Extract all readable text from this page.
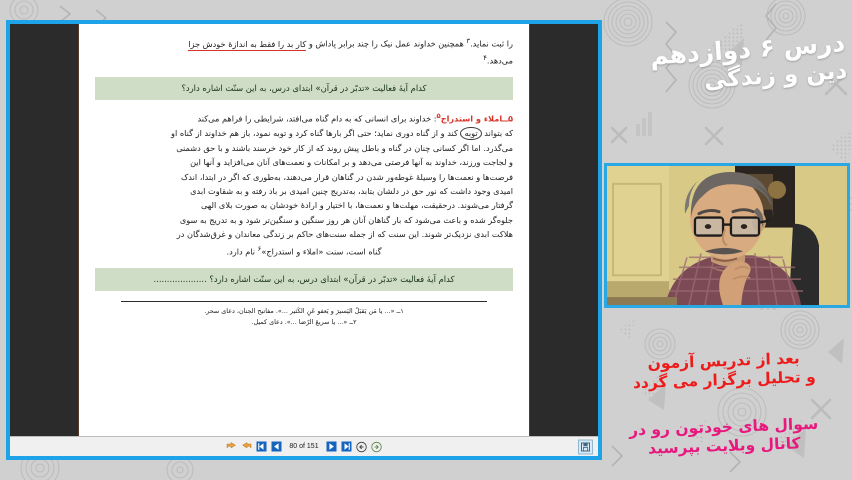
را ثبت نماید.$^۳$ همچنین خداوند عمل نیک را چند برابر پاداش و کار بد را فقط به اندازهٔ خودش جزا

می‌دهد.$^۴$

کدام آیهٔ فعالیت «تدبّر در قرآن» ابتدای درس، به این سنّت اشاره دارد؟

۵ــاملاء و استدراج$^۵$: خداوند برای انسانی که به دام گناه می‌افتد، شرایطی را فراهم می‌کند

که بتواند توبه کند و از گناه دوری نماید؛ حتی اگر بارها گناه کرد و توبه نمود، باز هم خداوند از گناه او

می‌گذرد. اما اگر کسانی چنان در گناه و باطل پیش روند که از کار خود خرسند باشند و با حق دشمنی

و لجاجت ورزند، خداوند به آنها فرصتی می‌دهد و بر امکانات و نعمت‌های آنان می‌افزاید و آنها این

فرصت‌ها و نعمت‌ها را وسیلهٔ غوطه‌ور شدن در گناهان قرار می‌دهند، به‌طوری که اگر در ابتدا، اندک

امیدی وجود داشت که نور حق در دلشان بتابد، به‌تدریج چنین امیدی بر باد رفته و به شقاوت ابدی

گرفتار می‌شوند. درحقیقت، مهلت‌ها و نعمت‌ها، با اختیار و ارادهٔ خودشان به صورت بلای الهی

جلوه‌گر شده و باعث می‌شود که بار گناهان آنان هر روز سنگین و سنگین‌تر شود و به تدریج به سوی

هلاکت ابدی نزدیک‌تر شوند. این سنت که از جمله سنت‌های حاکم بر زندگی معاندان و غرق‌شدگان در

گناه است، سنت «املاء و استدراج»$^۶$ نام دارد.

کدام آیهٔ فعالیت «تدبّر در قرآن» ابتدای درس، به این سنّت اشاره دارد؟ ....................
۱ــ «... یا مَن یَقبَلُ الیَسیرَ و یَعفو عَنِ الکَثیر ...». مفاتیح الجنان، دعای سحر.
۲ــ «... یا سریعَ الرّضا ...». دعای کمیل.
80 of 151
درس ۶ دوازدهم
دین و زندگی
بعد از تدریس آزمون
و تحلیل برگزار می گردد
سوال های خودتون رو در
کانال وبلایت بپرسید
